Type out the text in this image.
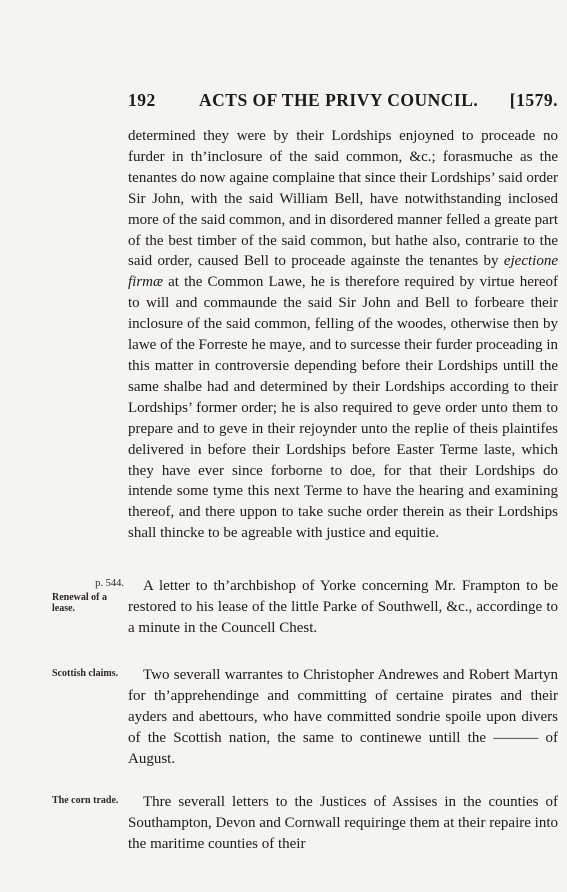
192 ACTS OF THE PRIVY COUNCIL. [1579.

determined they were by their Lordships enjoyned to proceade no furder in th’inclosure of the said common, &c.; forasmuche as the tenantes do now againe complaine that since their Lordships’ said order Sir John, with the said William Bell, have notwithstanding inclosed more of the said common, and in disordered manner felled a greate part of the best timber of the said common, but hathe also, contrarie to the said order, caused Bell to proceade againste the tenantes by ejectione firmæ at the Common Lawe, he is therefore required by virtue hereof to will and commaunde the said Sir John and Bell to forbeare their inclosure of the said common, felling of the woodes, otherwise then by lawe of the Forreste he maye, and to surcesse their furder proceading in this matter in controversie depending before their Lordships untill the same shalbe had and determined by their Lordships according to their Lordships’ former order; he is also required to geve order unto them to prepare and to geve in their rejoynder unto the replie of theis plaintifes delivered in before their Lordships before Easter Terme laste, which they have ever since forborne to doe, for that their Lordships do intende some tyme this next Terme to have the hearing and examining thereof, and there uppon to take suche order therein as their Lordships shall thincke to be agreable with justice and equitie.

p. 544.
Renewal of a lease.

A letter to th’archbishop of Yorke concerning Mr. Frampton to be restored to his lease of the little Parke of Southwell, &c., accordinge to a minute in the Councell Chest.

Scottish claims.	Two severall warrantes to Christopher Andrewes and Robert Martyn for th’apprehendinge and committing of certaine pirates and their ayders and abettours, who have committed sondrie spoile upon divers of the Scottish nation, the same to continewe untill the ——— of August.

The corn trade.	Thre severall letters to the Justices of Assises in the counties of Southampton, Devon and Cornwall requiringe them at their repaire into the maritime counties of their
